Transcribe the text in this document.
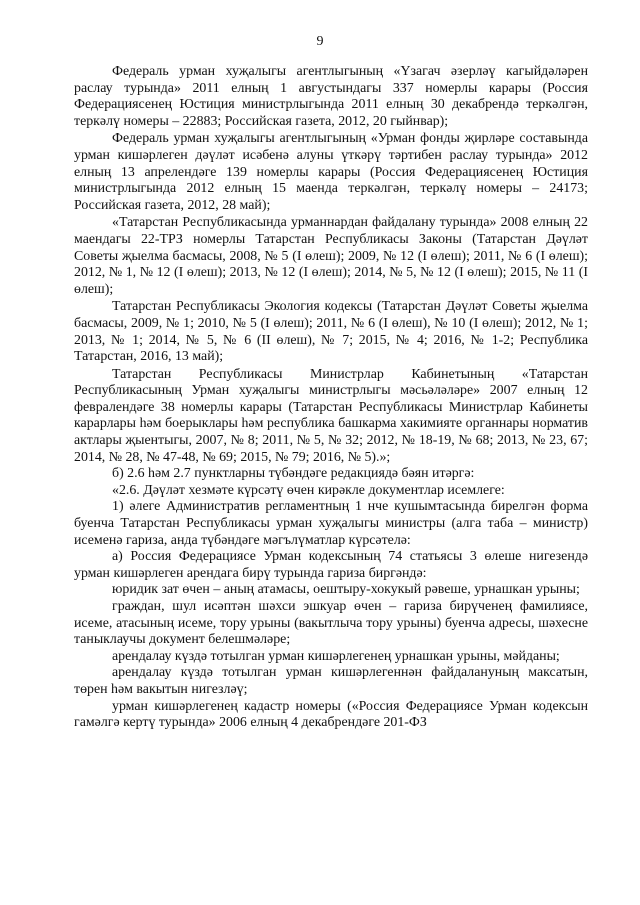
9

Федераль урман хуҗалыгы агентлыгының «Үзагач әзерләү кагыйдәләрен раслау турында» 2011 елның 1 августындагы 337 номерлы карары (Россия Федерациясенең Юстиция министрлыгында 2011 елның 30 декабрендә теркәлгән, теркәлү номеры – 22883; Российская газета, 2012, 20 гыйнвар);

Федераль урман хуҗалыгы агентлыгының «Урман фонды җирләре составында урман кишәрлеген дәүләт исәбенә алуны үткәрү тәртибен раслау турында» 2012 елның 13 апрелендәге 139 номерлы карары (Россия Федерациясенең Юстиция министрлыгында 2012 елның 15 маенда теркәлгән, теркәлү номеры – 24173; Российская газета, 2012, 28 май);

«Татарстан Республикасында урманнардан файдалану турында» 2008 елның 22 маендагы 22-ТРЗ номерлы Татарстан Республикасы Законы (Татарстан Дәүләт Советы җыелма басмасы, 2008, № 5 (I өлеш); 2009, № 12 (I өлеш); 2011, № 6 (I өлеш); 2012, № 1, № 12 (I өлеш); 2013, № 12 (I өлеш); 2014, № 5, № 12 (I өлеш); 2015, № 11 (I өлеш);

Татарстан Республикасы Экология кодексы (Татарстан Дәүләт Советы җыелма басмасы, 2009, № 1; 2010, № 5 (I өлеш); 2011, № 6 (I өлеш), № 10 (I өлеш); 2012, № 1; 2013, № 1; 2014, № 5, № 6 (II өлеш), № 7; 2015, № 4; 2016, № 1-2; Республика Татарстан, 2016, 13 май);

Татарстан Республикасы Министрлар Кабинетының «Татарстан Республикасының Урман хуҗалыгы министрлыгы мәсьәләләре» 2007 елның 12 февралендәге 38 номерлы карары (Татарстан Республикасы Министрлар Кабинеты карарлары һәм боерыклары һәм республика башкарма хакимияте органнары норматив актлары җыентыгы, 2007, № 8; 2011, № 5, № 32; 2012, № 18-19, № 68; 2013, № 23, 67; 2014, № 28, № 47-48, № 69; 2015, № 79; 2016, № 5).»;

б) 2.6 һәм 2.7 пунктларны түбәндәге редакциядә бәян итәргә:

«2.6. Дәүләт хезмәте күрсәтү өчен кирәкле документлар исемлеге:

1) әлеге Административ регламентның 1 нче кушымтасында бирелгән форма буенча Татарстан Республикасы урман хуҗалыгы министры (алга таба – министр) исеменә гариза, анда түбәндәге мәгълүматлар күрсәтелә:

а) Россия Федерациясе Урман кодексының 74 статьясы 3 өлеше нигезендә урман кишәрлеген арендага бирү турында гариза биргәндә:

юридик зат өчен – аның атамасы, оештыру-хокукый рәвеше, урнашкан урыны;

граждан, шул исәптән шәхси эшкуар өчен – гариза бирүченең фамилиясе, исеме, атасының исеме, тору урыны (вакытлыча тору урыны) буенча адресы, шәхесне таныклаучы документ белешмәләре;

арендалау күздә тотылган урман кишәрлегенең урнашкан урыны, мәйданы;

арендалау күздә тотылган урман кишәрлегеннән файдалануның максатын, төрен һәм вакытын нигезләү;

урман кишәрлегенең кадастр номеры («Россия Федерациясе Урман кодексын гамәлгә кертү турында» 2006 елның 4 декабрендәге 201-ФЗ
